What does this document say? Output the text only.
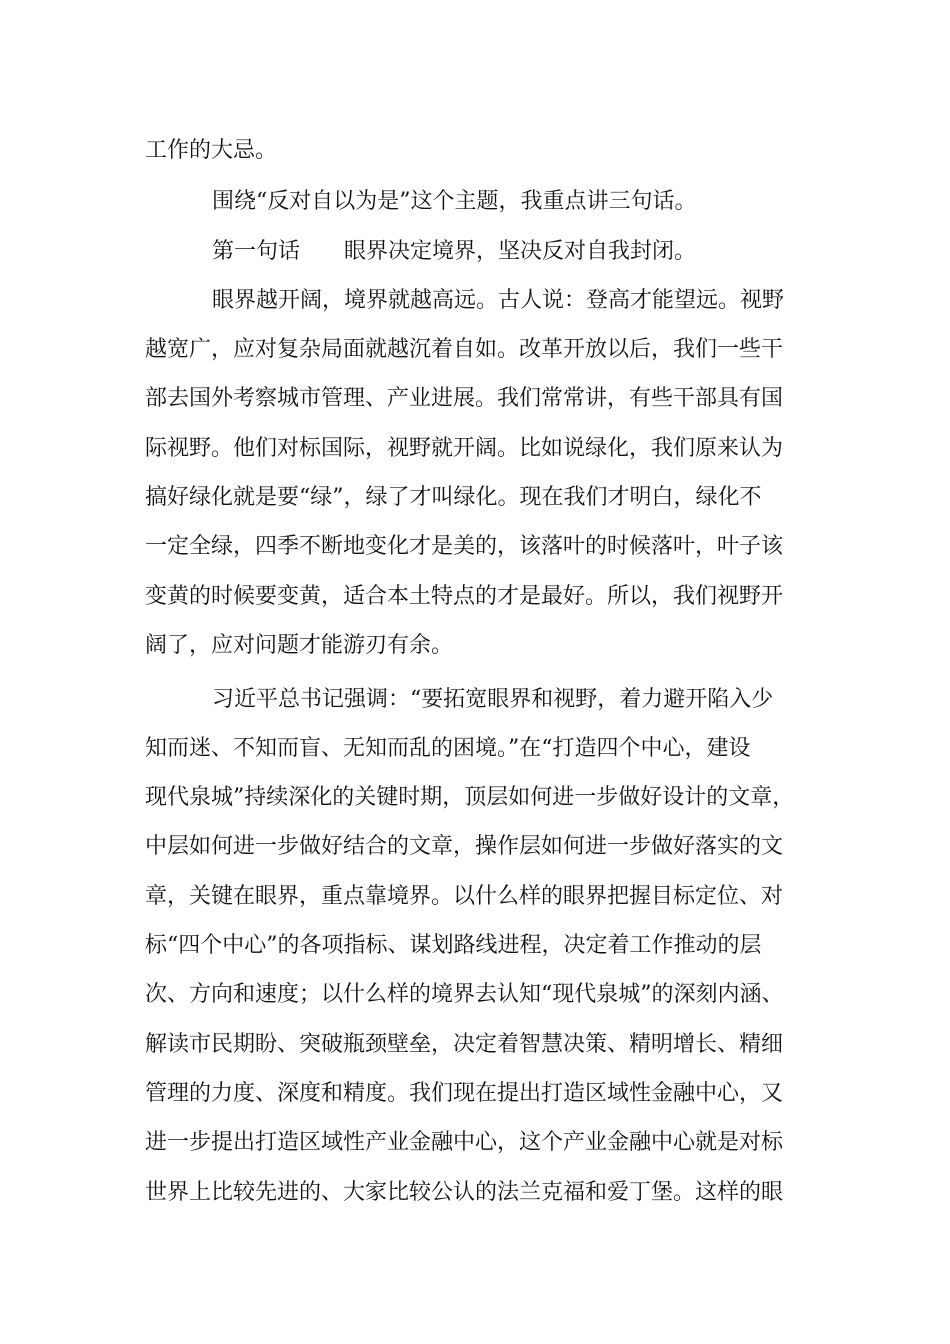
工作的大忌。
围绕“反对自以为是”这个主题，我重点讲三句话。
第一句话 眼界决定境界，坚决反对自我封闭。
眼界越开阔，境界就越高远。古人说：登高才能望远。视野
越宽广，应对复杂局面就越沉着自如。改革开放以后，我们一些干
部去国外考察城市管理、产业进展。我们常常讲，有些干部具有国
际视野。他们对标国际，视野就开阔。比如说绿化，我们原来认为
搞好绿化就是要“绿”，绿了才叫绿化。现在我们才明白，绿化不
一定全绿，四季不断地变化才是美的，该落叶的时候落叶，叶子该
变黄的时候要变黄，适合本土特点的才是最好。所以，我们视野开
阔了，应对问题才能游刃有余。
习近平总书记强调：“要拓宽眼界和视野，着力避开陷入少
知而迷、不知而盲、无知而乱的困境。”在“打造四个中心，建设
现代泉城”持续深化的关键时期，顶层如何进一步做好设计的文章，
中层如何进一步做好结合的文章，操作层如何进一步做好落实的文
章，关键在眼界，重点靠境界。以什么样的眼界把握目标定位、对
标“四个中心”的各项指标、谋划路线进程，决定着工作推动的层
次、方向和速度；以什么样的境界去认知“现代泉城”的深刻内涵、
解读市民期盼、突破瓶颈壁垒，决定着智慧决策、精明增长、精细
管理的力度、深度和精度。我们现在提出打造区域性金融中心，又
进一步提出打造区域性产业金融中心，这个产业金融中心就是对标
世界上比较先进的、大家比较公认的法兰克福和爱丁堡。这样的眼
